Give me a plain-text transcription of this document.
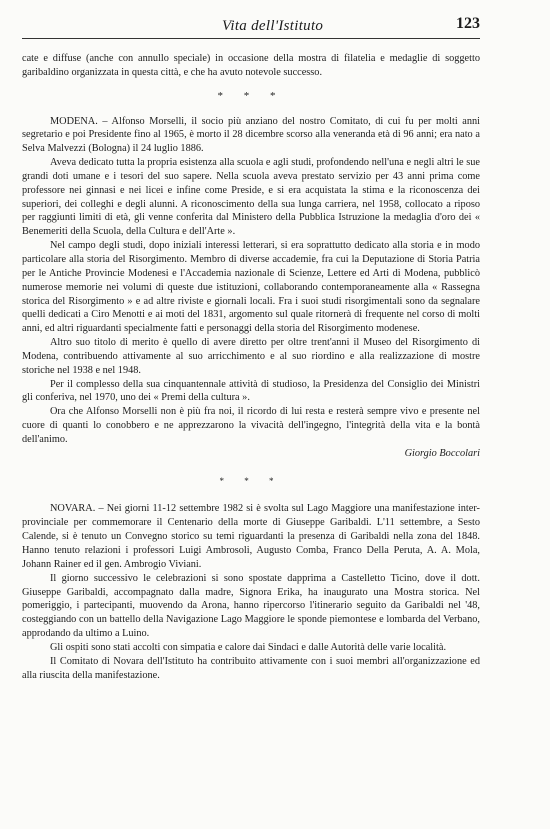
Vita dell'Istituto	123

cate e diffuse (anche con annullo speciale) in occasione della mostra di filatelia e medaglie di soggetto garibaldino organizzata in questa città, e che ha avuto notevole successo.

* * *

MODENA. – Alfonso Morselli, il socio più anziano del nostro Comitato, di cui fu per molti anni segretario e poi Presidente fino al 1965, è morto il 28 dicembre scorso alla veneranda età di 96 anni; era nato a Selva Malvezzi (Bologna) il 24 luglio 1886.

Aveva dedicato tutta la propria esistenza alla scuola e agli studi, profondendo nell'una e negli altri le sue grandi doti umane e i tesori del suo sapere. Nella scuola aveva prestato servizio per 43 anni prima come professore nei ginnasi e nei licei e infine come Preside, e si era acquistata la stima e la riconoscenza dei superiori, dei colleghi e degli alunni. A riconoscimento della sua lunga carriera, nel 1958, collocato a riposo per raggiunti limiti di età, gli venne conferita dal Ministero della Pubblica Istruzione la medaglia d'oro dei « Benemeriti della Scuola, della Cultura e dell'Arte ».

Nel campo degli studi, dopo iniziali interessi letterari, si era soprattutto dedicato alla storia e in modo particolare alla storia del Risorgimento. Membro di diverse accademie, fra cui la Deputazione di Storia Patria per le Antiche Provincie Modenesi e l'Accademia nazionale di Scienze, Lettere ed Arti di Modena, pubblicò numerose memorie nei volumi di queste due istituzioni, collaborando contemporaneamente alla « Rassegna storica del Risorgimento » e ad altre riviste e giornali locali. Fra i suoi studi risorgimentali sono da segnalare quelli dedicati a Ciro Menotti e ai moti del 1831, argomento sul quale ritornerà di frequente nel corso di molti anni, ed altri riguardanti specialmente fatti e personaggi della storia del Risorgimento modenese.

Altro suo titolo di merito è quello di avere diretto per oltre trent'anni il Museo del Risorgimento di Modena, contribuendo attivamente al suo arricchimento e al suo riordino e alla realizzazione di mostre storiche nel 1938 e nel 1948.

Per il complesso della sua cinquantennale attività di studioso, la Presidenza del Consiglio dei Ministri gli conferiva, nel 1970, uno dei « Premi della cultura ».

Ora che Alfonso Morselli non è più fra noi, il ricordo di lui resta e resterà sempre vivo e presente nel cuore di quanti lo conobbero e ne apprezzarono la vivacità dell'ingegno, l'integrità della vita e la bontà dell'animo.

Giorgio Boccolari

* * *

NOVARA. – Nei giorni 11-12 settembre 1982 si è svolta sul Lago Maggiore una manifestazione inter-provinciale per commemorare il Centenario della morte di Giuseppe Garibaldi. L'11 settembre, a Sesto Calende, si è tenuto un Convegno storico su temi riguardanti la presenza di Garibaldi nella zona del 1848. Hanno tenuto relazioni i professori Luigi Ambrosoli, Augusto Comba, Franco Della Peruta, A. A. Mola, Johann Rainer ed il gen. Ambrogio Viviani.

Il giorno successivo le celebrazioni si sono spostate dapprima a Castelletto Ticino, dove il dott. Giuseppe Garibaldi, accompagnato dalla madre, Signora Erika, ha inaugurato una Mostra storica. Nel pomeriggio, i partecipanti, muovendo da Arona, hanno ripercorso l'itinerario seguito da Garibaldi nel '48, costeggiando con un battello della Navigazione Lago Maggiore le sponde piemontese e lombarda del Verbano, approdando da ultimo a Luino.

Gli ospiti sono stati accolti con simpatia e calore dai Sindaci e dalle Autorità delle varie località.

Il Comitato di Novara dell'Istituto ha contribuito attivamente con i suoi membri all'organizzazione ed alla riuscita della manifestazione.
